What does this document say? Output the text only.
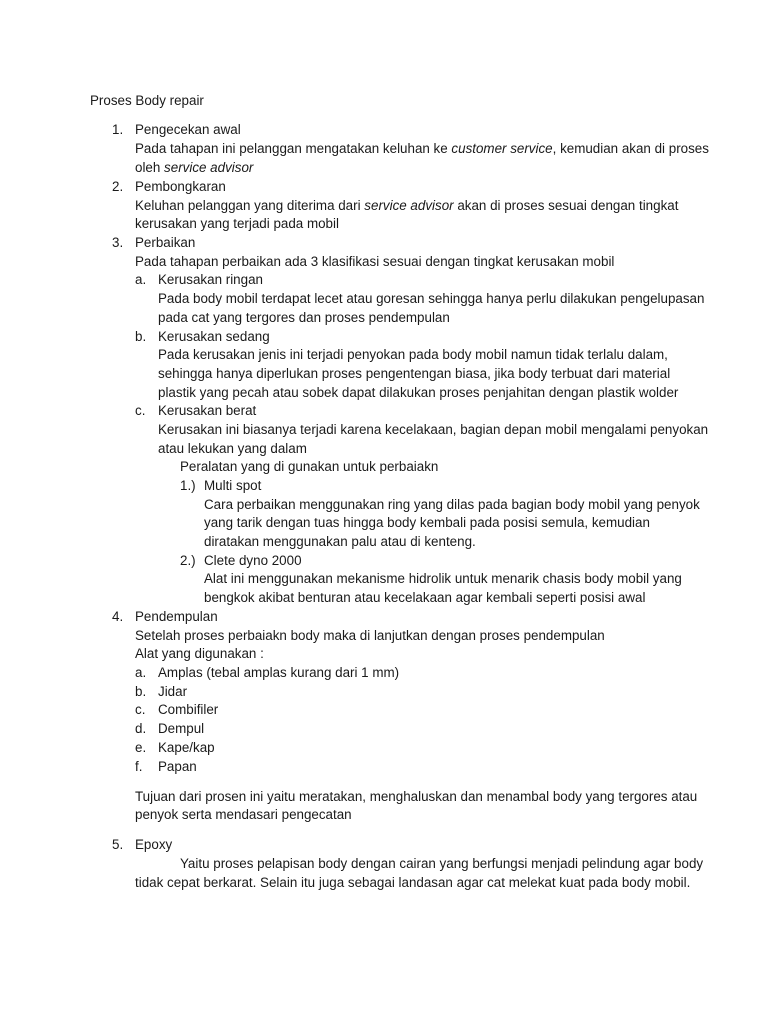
Proses Body repair
1. Pengecekan awal
Pada tahapan ini pelanggan mengatakan keluhan ke customer service, kemudian akan di proses
oleh service advisor
2. Pembongkaran
Keluhan pelanggan yang diterima dari service advisor akan di proses sesuai dengan tingkat
kerusakan yang terjadi pada mobil
3. Perbaikan
Pada tahapan perbaikan ada 3 klasifikasi sesuai dengan tingkat kerusakan mobil
a. Kerusakan ringan
Pada body mobil terdapat lecet atau goresan sehingga hanya perlu dilakukan pengelupasan
pada cat yang tergores dan proses pendempulan
b. Kerusakan sedang
Pada kerusakan jenis ini terjadi penyokan pada body mobil namun tidak terlalu dalam,
sehingga hanya diperlukan proses pengentengan biasa, jika body terbuat dari material
plastik yang pecah atau sobek dapat dilakukan proses penjahitan dengan plastik wolder
c. Kerusakan berat
Kerusakan ini biasanya terjadi karena kecelakaan, bagian depan mobil mengalami penyokan
atau lekukan yang dalam
Peralatan yang di gunakan untuk perbaiakn
1.) Multi spot
Cara perbaikan menggunakan ring yang dilas pada bagian body mobil yang penyok
yang tarik dengan tuas hingga body kembali pada posisi semula, kemudian
diratakan menggunakan palu atau di kenteng.
2.) Clete dyno 2000
Alat ini menggunakan mekanisme hidrolik untuk menarik chasis body mobil yang
bengkok akibat benturan atau kecelakaan agar kembali seperti posisi awal
4. Pendempulan
Setelah proses perbaiakn body maka di lanjutkan dengan proses pendempulan
Alat yang digunakan :
a. Amplas (tebal amplas kurang dari 1 mm)
b. Jidar
c. Combifiler
d. Dempul
e. Kape/kap
f. Papan
Tujuan dari prosen ini yaitu meratakan, menghaluskan dan menambal body yang tergores atau
penyok serta mendasari pengecatan
5. Epoxy
Yaitu proses pelapisan body dengan cairan yang berfungsi menjadi pelindung agar body
tidak cepat berkarat. Selain itu juga sebagai landasan agar cat melekat kuat pada body mobil.
